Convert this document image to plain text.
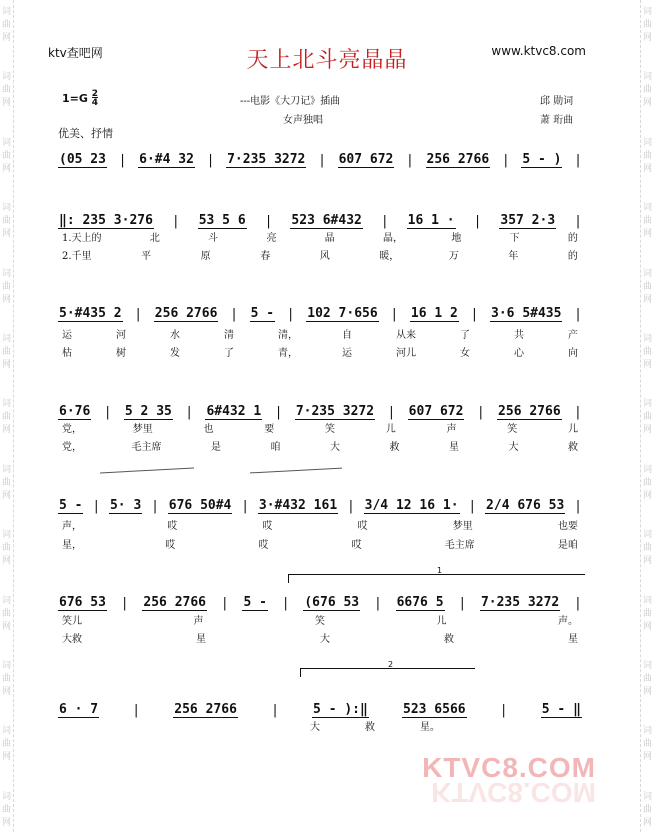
词曲网
词曲网
词曲网
词曲网
词曲网
词曲网
词曲网
词曲网
词曲网
词曲网
词曲网
词曲网
词曲网
词曲网
词曲网
词曲网
词曲网
词曲网
词曲网
词曲网
词曲网
词曲网
词曲网
词曲网
词曲网
词曲网
ktv查吧网	天上北斗亮晶晶	www.ktvc8.com
$1=G \frac{2}{4}$	---电影《大刀记》插曲
女声独唱
邱 勋词
萧 珩曲
优美、抒情
(05 23 | 6·#4 32 | 7·235 3272 | 607 672 | 256 2766 | 5 - ) |
‖: 235 3·276 | 53 5 6 | 523 6#432 | 16 1 · | 357 2·3 |
1.天上的	北	斗	亮	晶	晶，	地	下	的
2.千里	平	原	春	风	暖，	万	年	的
5·#435 2 | 256 2766 | 5 - | 102 7·656 | 16 1 2 | 3·6 5#435 |
运	河	水	清	清，	自	从来	了	共	产
枯	树	发	了	青，	运	河儿	女	心	向
6·76 | 5 2 35 | 6#432 1 | 7·235 3272 | 607 672 | 256 2766 |
党，	梦里	也	要	笑	儿	声	笑	儿
党，	毛主席	是	咱	大	救	星	大	救
5 - | 5· 3 | 676 50#4 | 3·#432 161 | 3/4 12 16 1· | 2/4 676 53 |
声，	哎	哎	哎	梦里	也要
星，	哎	哎	哎	毛主席	是咱
676 53 | 256 2766 | 5 - | (676 53 | 6676 5 | 7·235 3272 |
笑儿	声	笑	儿	声。
大救	星	大	救	星
6 · 7	|	256 2766	|	5 - ):‖	523 6566	|	5 - ‖
大	救	星。
1
2
KTVC8.COM
KTVC8.COM
